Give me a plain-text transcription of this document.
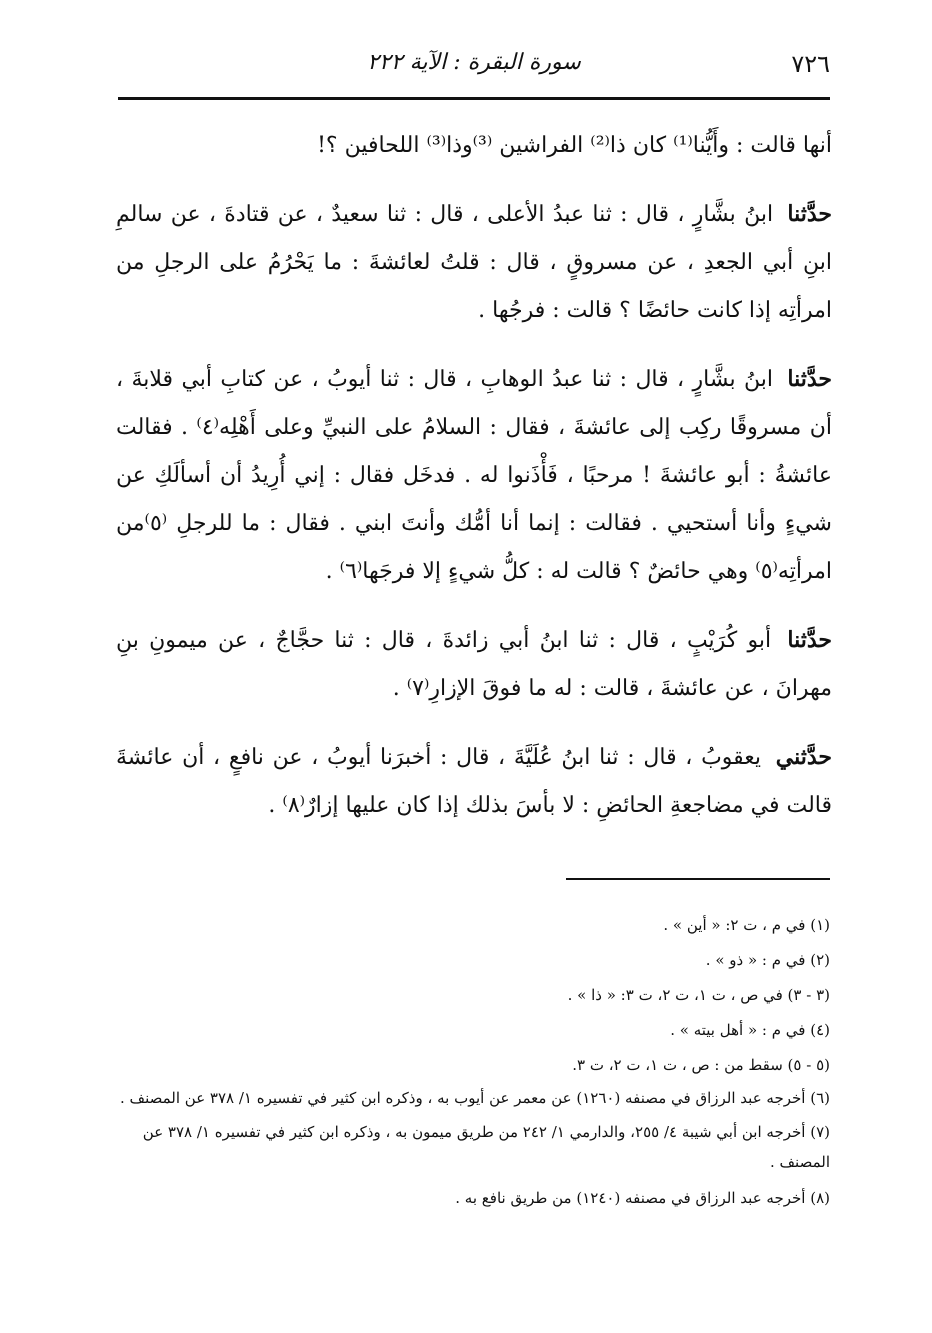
٧٢٦
سورة البقرة : الآية ٢٢٢

أنها قالت : وأَيُّنا⁽¹⁾ كان ذا⁽²⁾ الفراشين ⁽³⁾وذا⁽³⁾ اللحافين ؟!

حدَّثنا ابنُ بشَّارٍ ، قال : ثنا عبدُ الأعلى ، قال : ثنا سعيدٌ ، عن قتادةَ ، عن سالمِ ابنِ أبي الجعدِ ، عن مسروقٍ ، قال : قلتُ لعائشةَ : ما يَحْرُمُ على الرجلِ من امرأتِه إذا كانت حائضًا ؟ قالت : فرجُها .

حدَّثنا ابنُ بشَّارٍ ، قال : ثنا عبدُ الوهابِ ، قال : ثنا أيوبُ ، عن كتابِ أبي قلابةَ ، أن مسروقًا ركِب إلى عائشةَ ، فقال : السلامُ على النبيِّ وعلى أَهْلِه⁽٤⁾ . فقالت عائشةُ : أبو عائشةَ ! مرحبًا ، فَأْذَنوا له . فدخَل فقال : إني أُرِيدُ أن أسألَكِ عن شيءٍ وأنا أستحيي . فقالت : إنما أنا أمُّك وأنتَ ابني . فقال : ما للرجلِ ⁽٥⁾من امرأتِه⁽٥⁾ وهي حائضٌ ؟ قالت له : كلُّ شيءٍ إلا فرجَها⁽٦⁾ .

حدَّثنا أبو كُرَيْبٍ ، قال : ثنا ابنُ أبي زائدةَ ، قال : ثنا حجَّاجٌ ، عن ميمونِ بنِ مهرانَ ، عن عائشةَ ، قالت : له ما فوقَ الإزارِ⁽٧⁾ .

حدَّثني يعقوبُ ، قال : ثنا ابنُ عُلَيَّةَ ، قال : أخبرَنا أيوبُ ، عن نافعٍ ، أن عائشةَ قالت في مضاجعةِ الحائضِ : لا بأسَ بذلك إذا كان عليها إزارٌ⁽٨⁾ .

(١) في م ، ت ٢: « أين » .

(٢) في م : « ذو » .

(٣ - ٣) في ص ، ت ١، ت ٢، ت ٣: « ذا » .

(٤) في م : « أهل بيته » .

(٥ - ٥) سقط من : ص ، ت ١، ت ٢، ت ٣.

(٦) أخرجه عبد الرزاق في مصنفه (١٢٦٠) عن معمر عن أيوب به ، وذكره ابن كثير في تفسيره ١/ ٣٧٨ عن المصنف .

(٧) أخرجه ابن أبي شيبة ٤/ ٢٥٥، والدارمي ١/ ٢٤٢ من طريق ميمون به ، وذكره ابن كثير في تفسيره ١/ ٣٧٨ عن المصنف .

(٨) أخرجه عبد الرزاق في مصنفه (١٢٤٠) من طريق نافع به .
